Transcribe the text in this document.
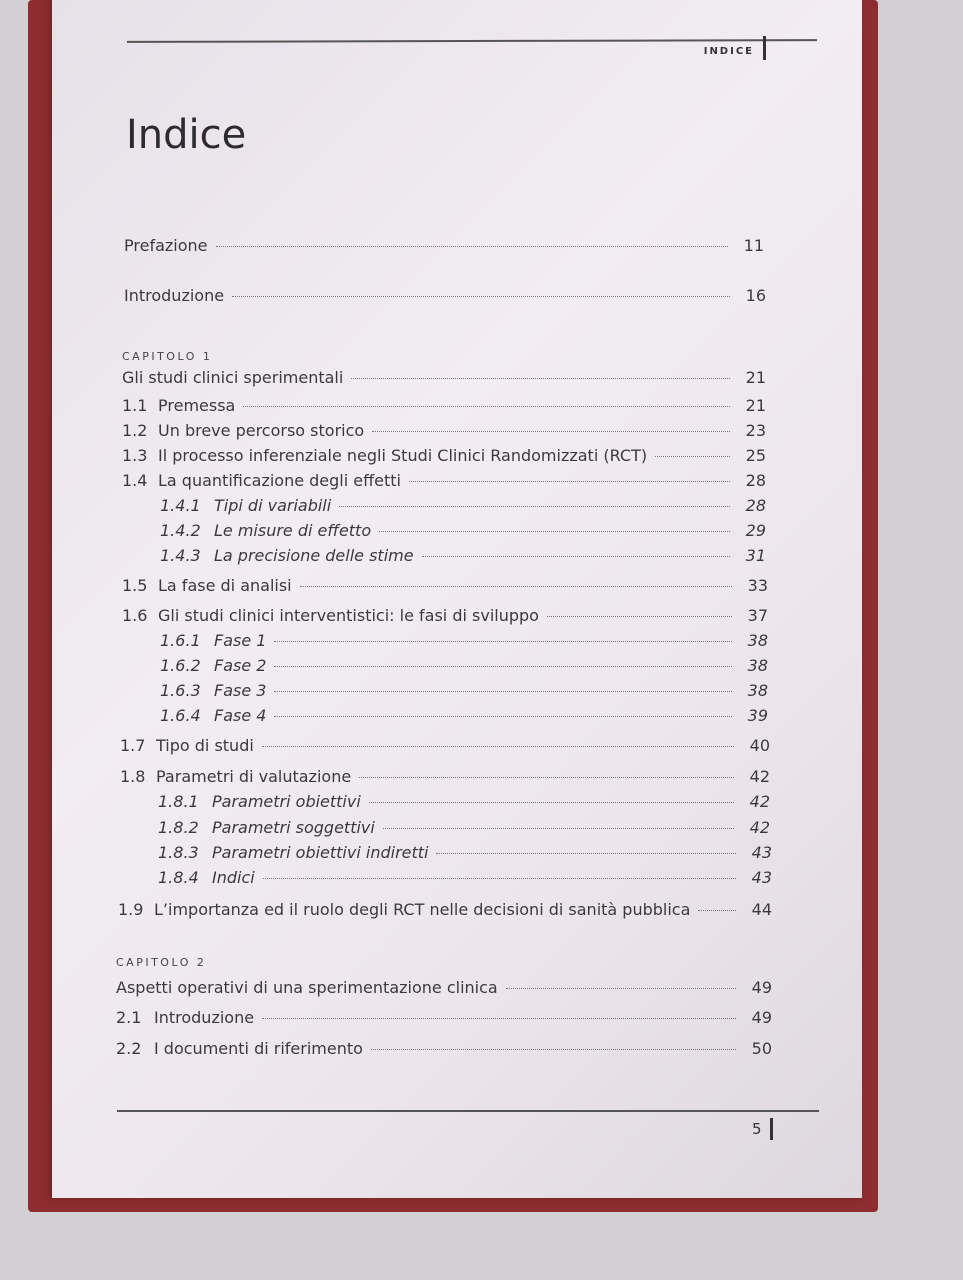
INDICE
Indice
Prefazione	11
Introduzione	16
CAPITOLO 1
Gli studi clinici sperimentali	21
1.1 Premessa	21
1.2 Un breve percorso storico	23
1.3 Il processo inferenziale negli Studi Clinici Randomizzati (RCT)	25
1.4 La quantificazione degli effetti	28
1.4.1 Tipi di variabili	28
1.4.2 Le misure di effetto	29
1.4.3 La precisione delle stime	31
1.5 La fase di analisi	33
1.6 Gli studi clinici interventistici: le fasi di sviluppo	37
1.6.1 Fase 1	38
1.6.2 Fase 2	38
1.6.3 Fase 3	38
1.6.4 Fase 4	39
1.7 Tipo di studi	40
1.8 Parametri di valutazione	42
1.8.1 Parametri obiettivi	42
1.8.2 Parametri soggettivi	42
1.8.3 Parametri obiettivi indiretti	43
1.8.4 Indici	43
1.9 L’importanza ed il ruolo degli RCT nelle decisioni di sanità pubblica	44
CAPITOLO 2
Aspetti operativi di una sperimentazione clinica	49
2.1 Introduzione	49
2.2 I documenti di riferimento	50
5
